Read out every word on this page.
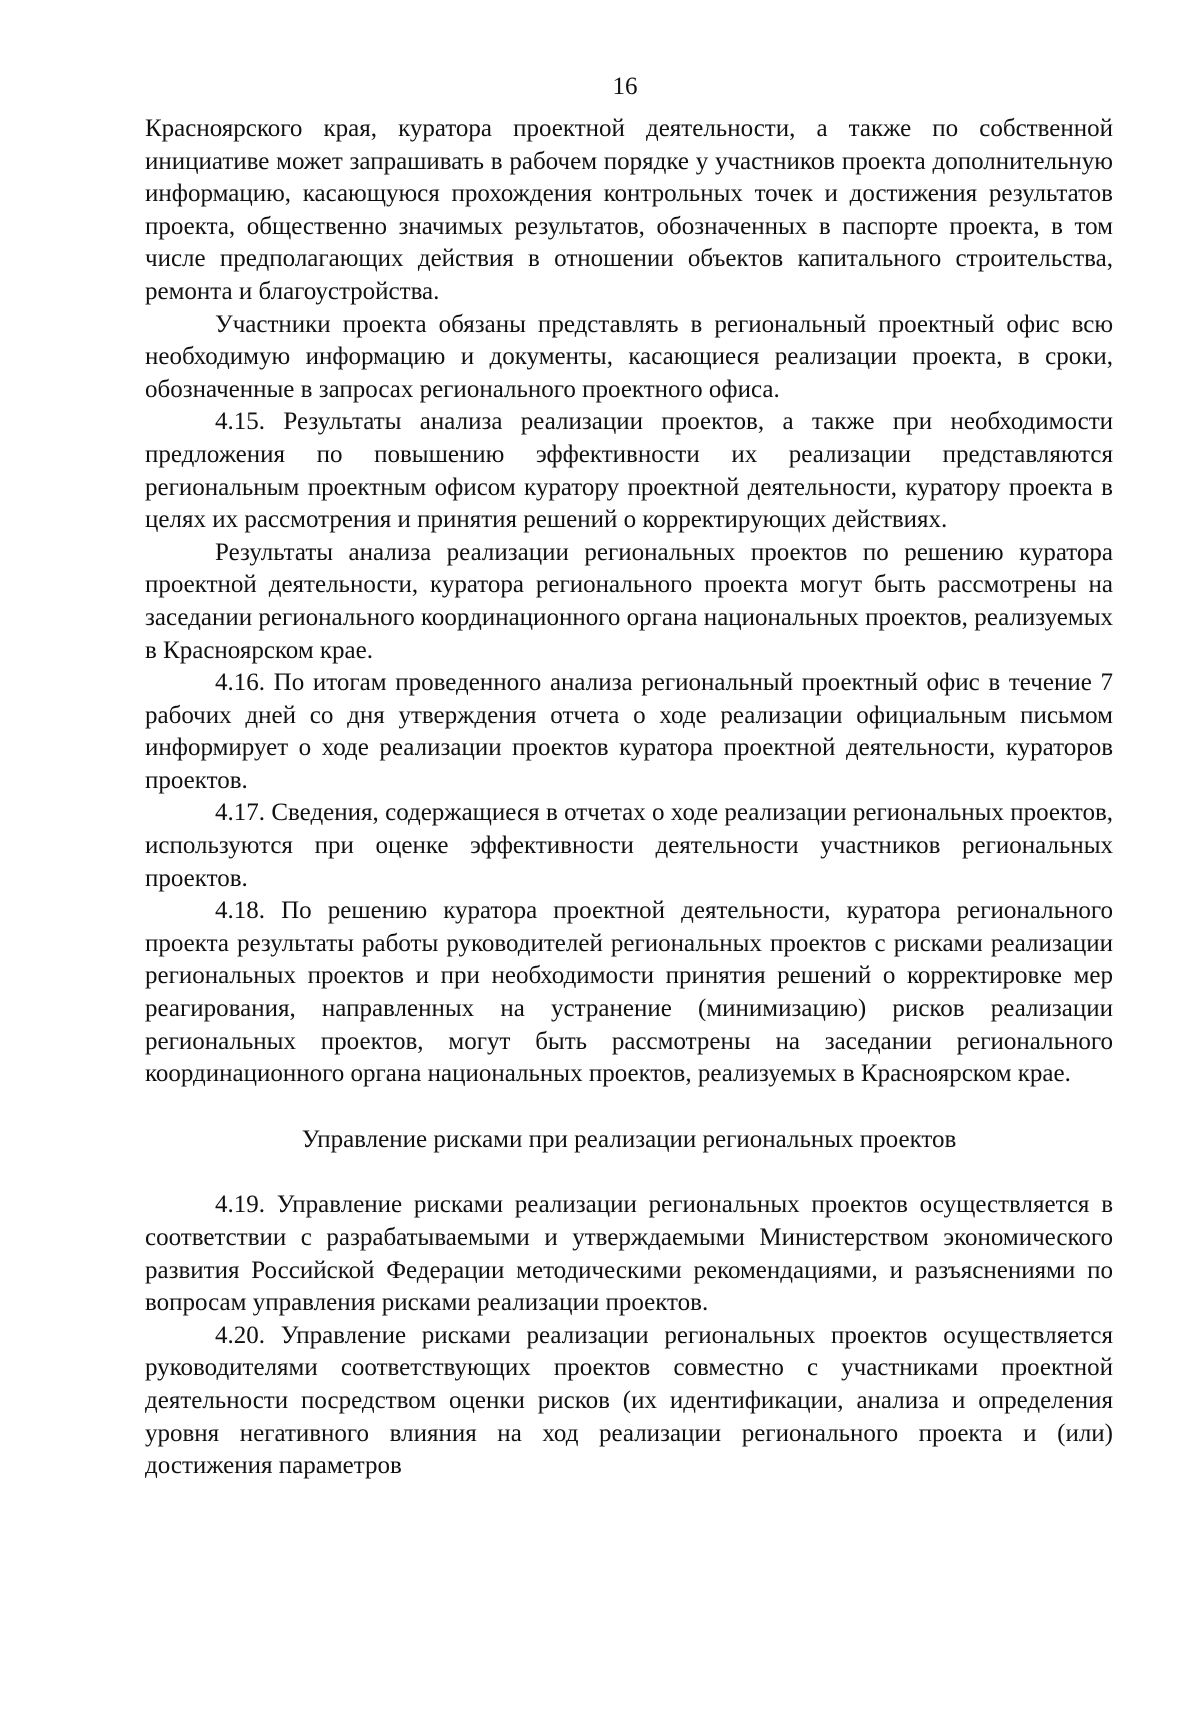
16

Красноярского края, куратора проектной деятельности, а также по собственной инициативе может запрашивать в рабочем порядке у участников проекта дополнительную информацию, касающуюся прохождения контрольных точек и достижения результатов проекта, общественно значимых результатов, обозначенных в паспорте проекта, в том числе предполагающих действия в отношении объектов капитального строительства, ремонта и благоустройства.

Участники проекта обязаны представлять в региональный проектный офис всю необходимую информацию и документы, касающиеся реализации проекта, в сроки, обозначенные в запросах регионального проектного офиса.

4.15. Результаты анализа реализации проектов, а также при необходимости предложения по повышению эффективности их реализации представляются региональным проектным офисом куратору проектной деятельности, куратору проекта в целях их рассмотрения и принятия решений о корректирующих действиях.

Результаты анализа реализации региональных проектов по решению куратора проектной деятельности, куратора регионального проекта могут быть рассмотрены на заседании регионального координационного органа национальных проектов, реализуемых в Красноярском крае.

4.16. По итогам проведенного анализа региональный проектный офис в течение 7 рабочих дней со дня утверждения отчета о ходе реализации официальным письмом информирует о ходе реализации проектов куратора проектной деятельности, кураторов проектов.

4.17. Сведения, содержащиеся в отчетах о ходе реализации региональных проектов, используются при оценке эффективности деятельности участников региональных проектов.

4.18. По решению куратора проектной деятельности, куратора регионального проекта результаты работы руководителей региональных проектов с рисками реализации региональных проектов и при необходимости принятия решений о корректировке мер реагирования, направленных на устранение (минимизацию) рисков реализации региональных проектов, могут быть рассмотрены на заседании регионального координационного органа национальных проектов, реализуемых в Красноярском крае.

Управление рисками при реализации региональных проектов

4.19. Управление рисками реализации региональных проектов осуществляется в соответствии с разрабатываемыми и утверждаемыми Министерством экономического развития Российской Федерации методическими рекомендациями, и разъяснениями по вопросам управления рисками реализации проектов.

4.20. Управление рисками реализации региональных проектов осуществляется руководителями соответствующих проектов совместно с участниками проектной деятельности посредством оценки рисков (их идентификации, анализа и определения уровня негативного влияния на ход реализации регионального проекта и (или) достижения параметров
